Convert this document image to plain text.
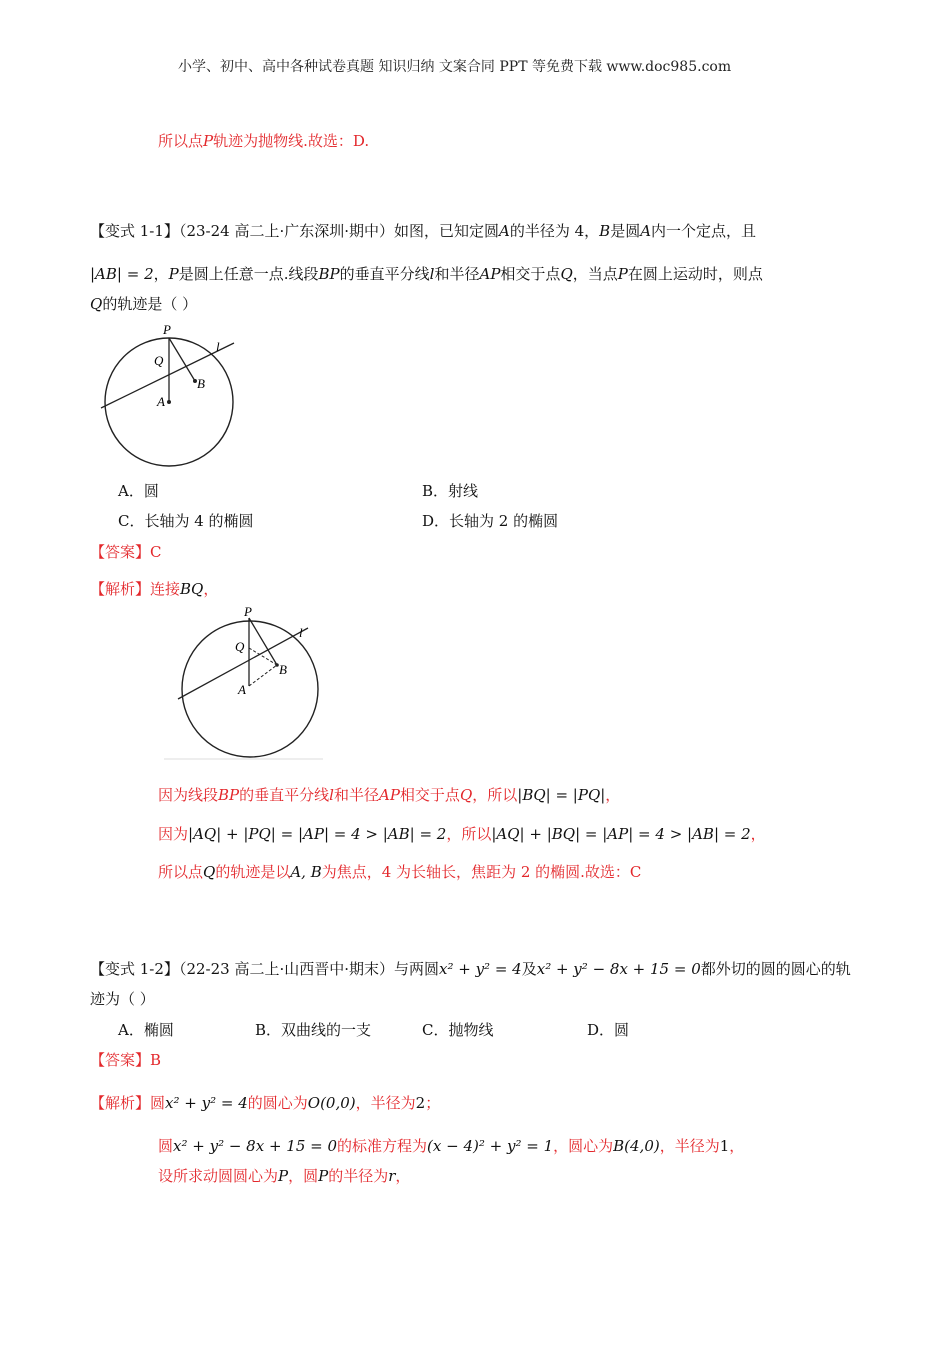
小学、初中、高中各种试卷真题 知识归纳 文案合同 PPT 等免费下载 www.doc985.com
所以点P轨迹为抛物线.故选：D.
【变式 1-1】（23-24 高二上·广东深圳·期中）如图，已知定圆A的半径为 4，B是圆A内一个定点，且
|AB| = 2，P是圆上任意一点.线段BP的垂直平分线l和半径AP相交于点Q，当点P在圆上运动时，则点
Q的轨迹是（ ）
P
Q
B
A
l
A．圆	B．射线
C．长轴为 4 的椭圆	D．长轴为 2 的椭圆
【答案】C
【解析】连接BQ，
P
Q
B
A
l
因为线段BP的垂直平分线l和半径AP相交于点Q，所以|BQ| = |PQ|，
因为|AQ| + |PQ| = |AP| = 4 > |AB| = 2，所以|AQ| + |BQ| = |AP| = 4 > |AB| = 2，
所以点Q的轨迹是以A, B为焦点，4 为长轴长，焦距为 2 的椭圆.故选：C
【变式 1-2】（22-23 高二上·山西晋中·期末）与两圆x² + y² = 4及x² + y² − 8x + 15 = 0都外切的圆的圆心的轨
迹为（ ）
A．椭圆	B．双曲线的一支	C．抛物线	D．圆
【答案】B
【解析】圆x² + y² = 4的圆心为O(0,0)，半径为2；
圆x² + y² − 8x + 15 = 0的标准方程为(x − 4)² + y² = 1，圆心为B(4,0)，半径为1，
设所求动圆圆心为P，圆P的半径为r，
